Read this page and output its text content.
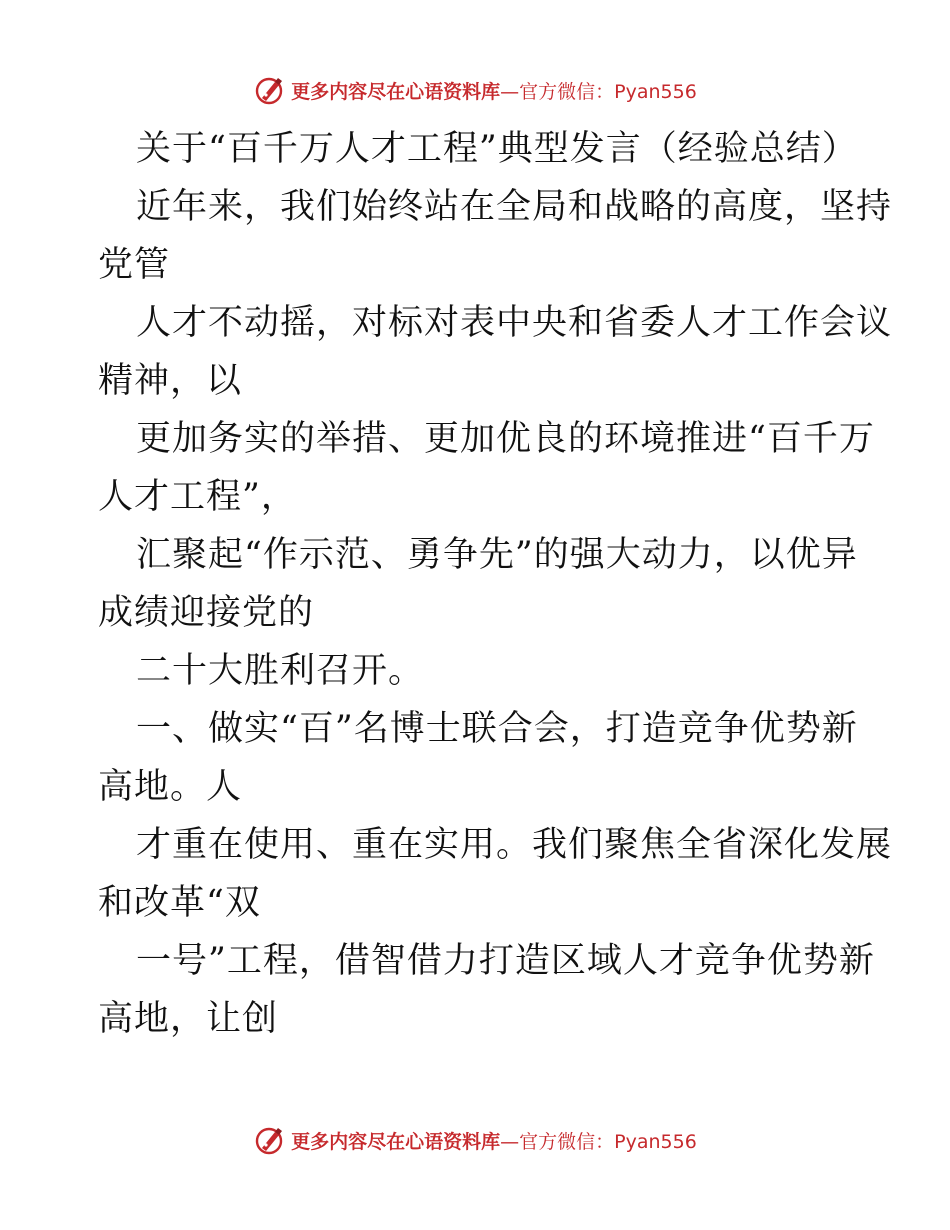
更多内容尽在心语资料库—官方微信：Pyan556
关于“百千万人才工程”典型发言（经验总结）
近年来，我们始终站在全局和战略的高度，坚持
党管
人才不动摇，对标对表中央和省委人才工作会议
精神，以
更加务实的举措、更加优良的环境推进“百千万
人才工程”，
汇聚起“作示范、勇争先”的强大动力，以优异
成绩迎接党的
二十大胜利召开。
一、做实“百”名博士联合会，打造竞争优势新
高地。人
才重在使用、重在实用。我们聚焦全省深化发展
和改革“双
一号”工程，借智借力打造区域人才竞争优势新
高地，让创
更多内容尽在心语资料库—官方微信：Pyan556
